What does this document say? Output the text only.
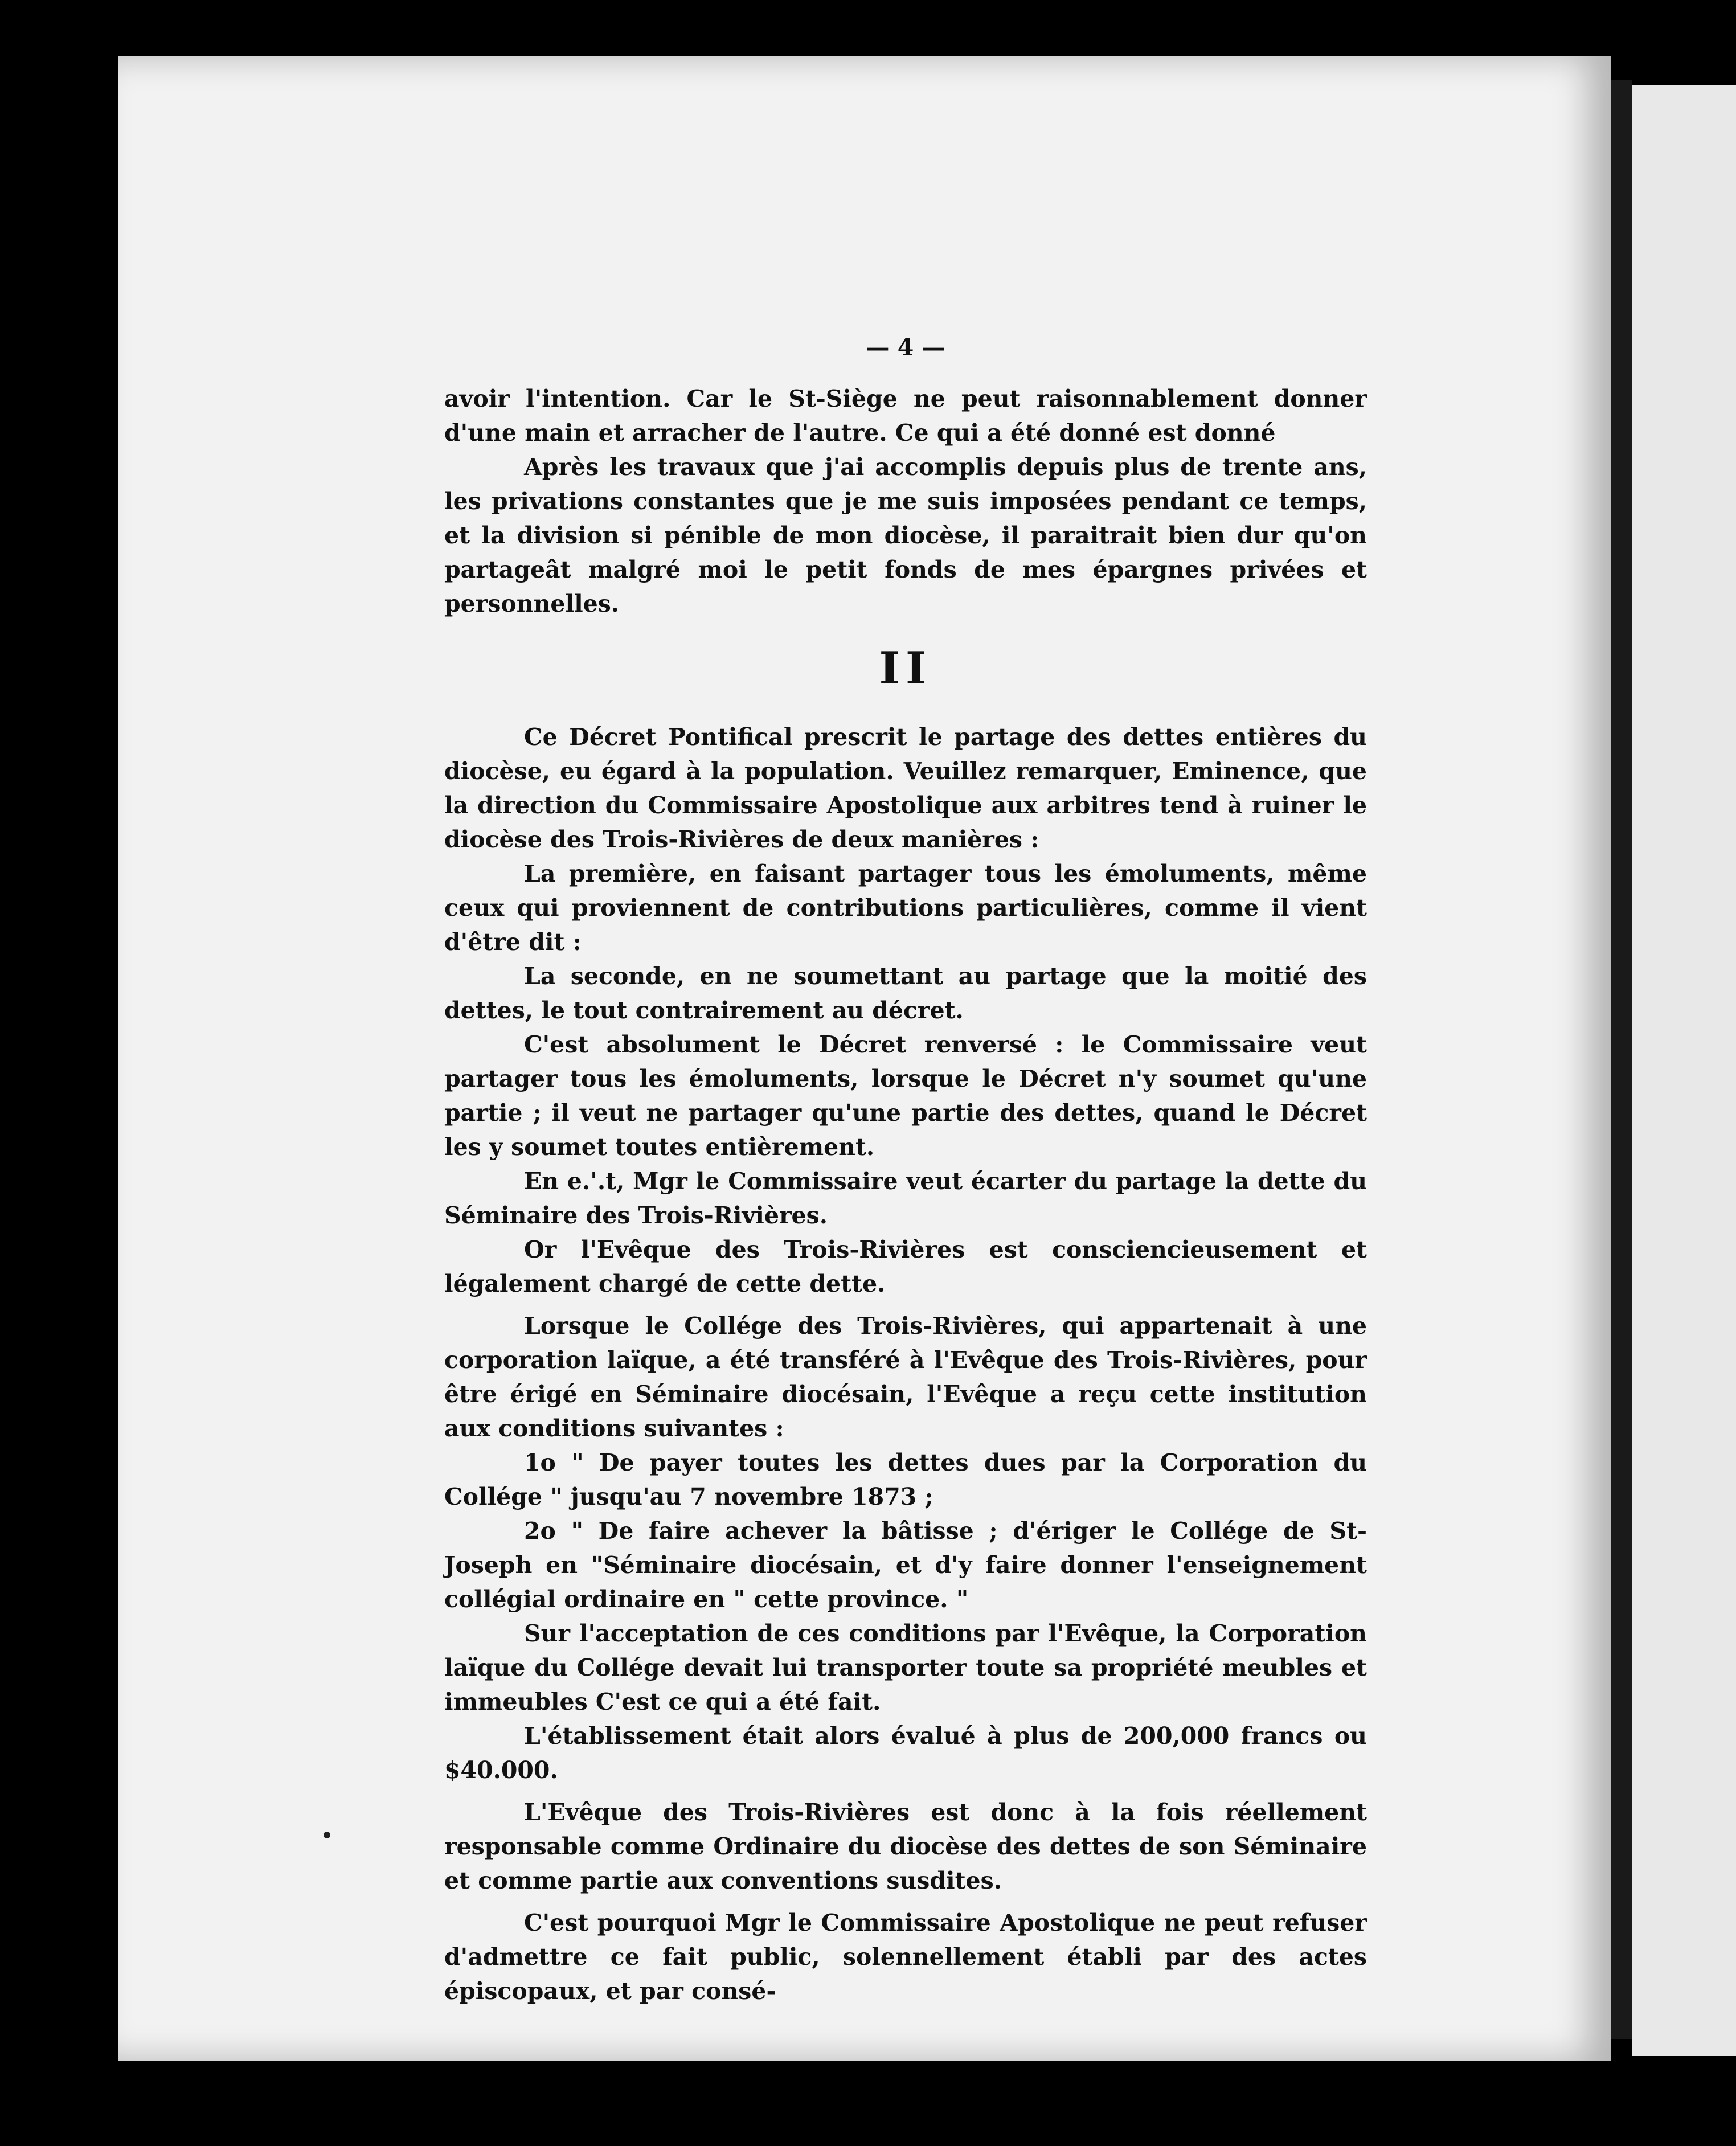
— 4 —

avoir l'intention. Car le St-Siège ne peut raisonnablement donner d'une main et arracher de l'autre. Ce qui a été donné est donné

Après les travaux que j'ai accomplis depuis plus de trente ans, les privations constantes que je me suis imposées pendant ce temps, et la division si pénible de mon diocèse, il paraitrait bien dur qu'on partageât malgré moi le petit fonds de mes épargnes privées et personnelles.

II

Ce Décret Pontifical prescrit le partage des dettes entières du diocèse, eu égard à la population. Veuillez remarquer, Eminence, que la direction du Commissaire Apostolique aux arbitres tend à ruiner le diocèse des Trois-Rivières de deux manières :

La première, en faisant partager tous les émoluments, même ceux qui proviennent de contributions particulières, comme il vient d'être dit :

La seconde, en ne soumettant au partage que la moitié des dettes, le tout contrairement au décret.

C'est absolument le Décret renversé : le Commissaire veut partager tous les émoluments, lorsque le Décret n'y soumet qu'une partie ; il veut ne partager qu'une partie des dettes, quand le Décret les y soumet toutes entièrement.

En e.'.t, Mgr le Commissaire veut écarter du partage la dette du Séminaire des Trois-Rivières.

Or l'Evêque des Trois-Rivières est consciencieusement et légalement chargé de cette dette.

Lorsque le Collége des Trois-Rivières, qui appartenait à une corporation laïque, a été transféré à l'Evêque des Trois-Rivières, pour être érigé en Séminaire diocésain, l'Evêque a reçu cette institution aux conditions suivantes :

1o " De payer toutes les dettes dues par la Corporation du Collége " jusqu'au 7 novembre 1873 ;

2o " De faire achever la bâtisse ; d'ériger le Collége de St-Joseph en "Séminaire diocésain, et d'y faire donner l'enseignement collégial ordinaire en " cette province. "

Sur l'acceptation de ces conditions par l'Evêque, la Corporation laïque du Collége devait lui transporter toute sa propriété meubles et immeubles C'est ce qui a été fait.

L'établissement était alors évalué à plus de 200,000 francs ou $40.000.

L'Evêque des Trois-Rivières est donc à la fois réellement responsable comme Ordinaire du diocèse des dettes de son Séminaire et comme partie aux conventions susdites.

C'est pourquoi Mgr le Commissaire Apostolique ne peut refuser d'admettre ce fait public, solennellement établi par des actes épiscopaux, et par consé-
